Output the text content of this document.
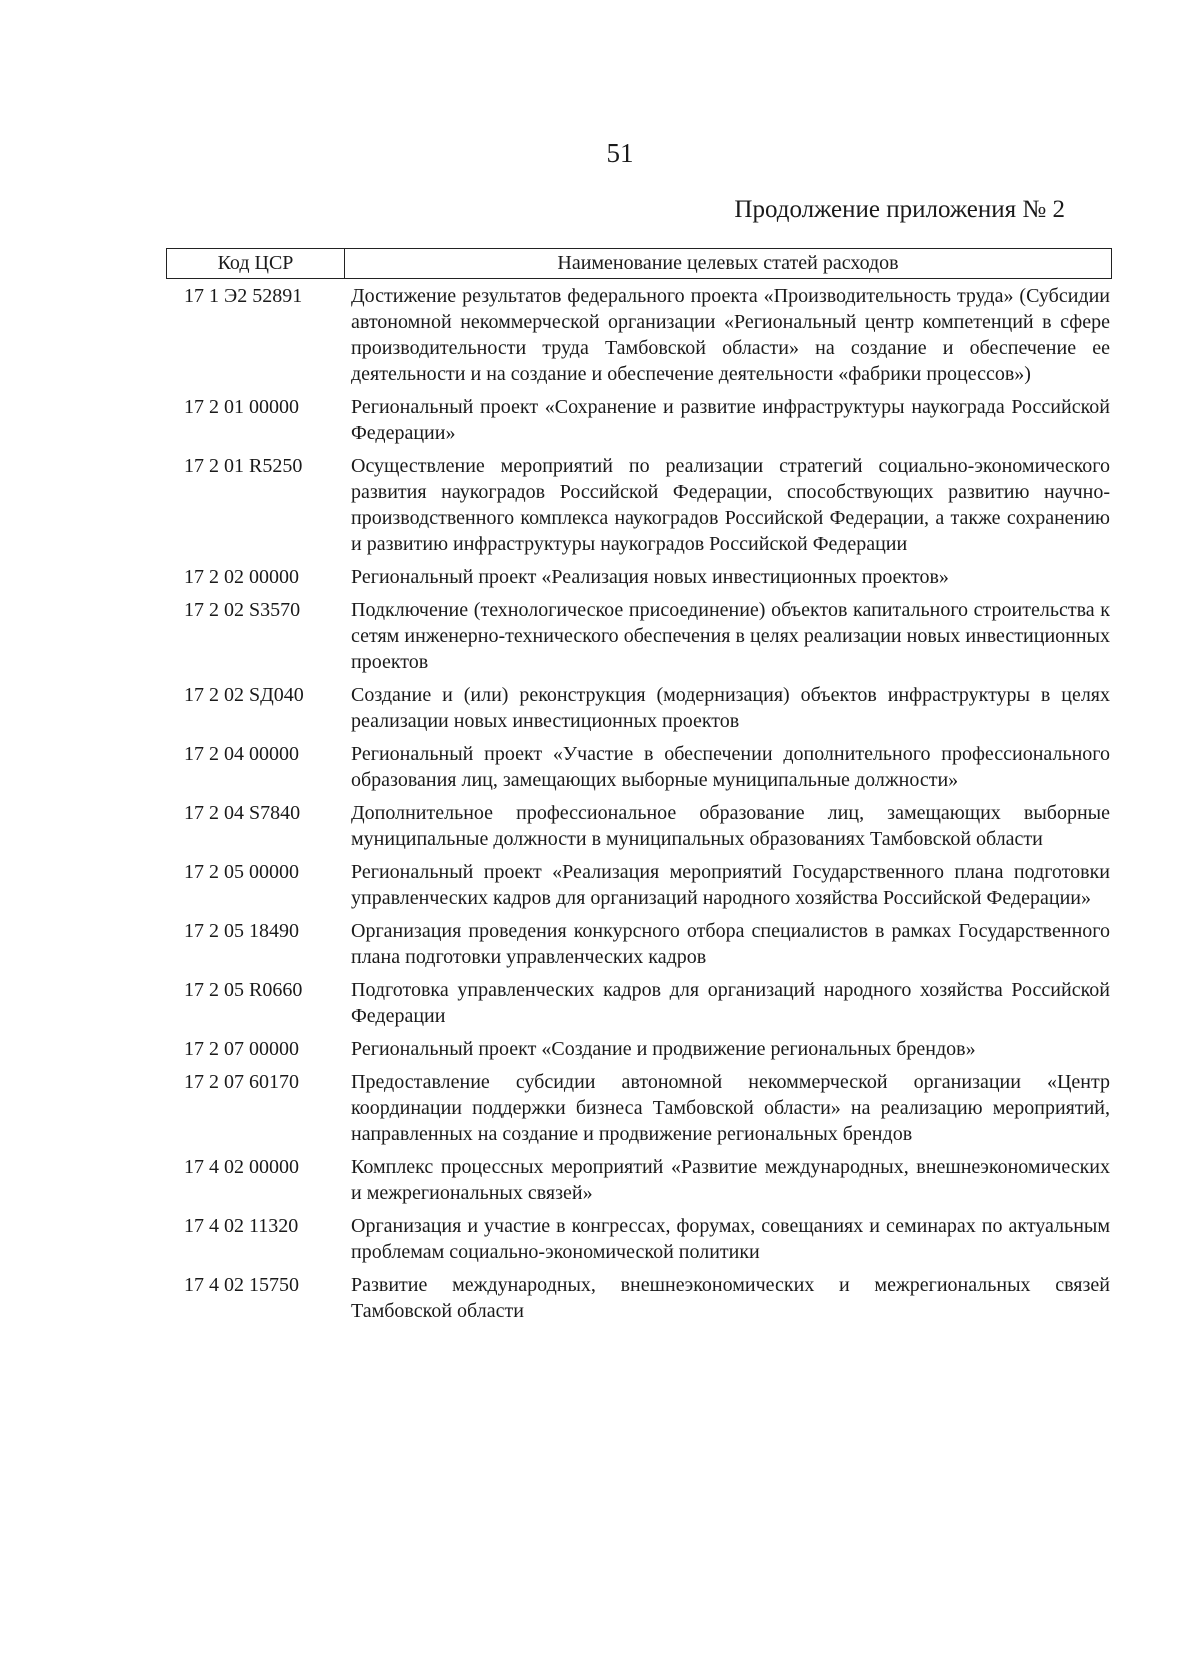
51
Продолжение приложения № 2
Код ЦСР	Наименование целевых статей расходов
17 1 Э2 52891	Достижение результатов федерального проекта «Производительность труда» (Субсидии автономной некоммерческой организации «Региональный центр компетенций в сфере производительности труда Тамбовской области» на создание и обеспечение ее деятельности и на создание и обеспечение деятельности «фабрики процессов»)
17 2 01 00000	Региональный проект «Сохранение и развитие инфраструктуры наукограда Российской Федерации»
17 2 01 R5250	Осуществление мероприятий по реализации стратегий социально-экономического развития наукоградов Российской Федерации, способствующих развитию научно-производственного комплекса наукоградов Российской Федерации, а также сохранению и развитию инфраструктуры наукоградов Российской Федерации
17 2 02 00000	Региональный проект «Реализация новых инвестиционных проектов»
17 2 02 S3570	Подключение (технологическое присоединение) объектов капитального строительства к сетям инженерно-технического обеспечения в целях реализации новых инвестиционных проектов
17 2 02 SД040	Создание и (или) реконструкция (модернизация) объектов инфраструктуры в целях реализации новых инвестиционных проектов
17 2 04 00000	Региональный проект «Участие в обеспечении дополнительного профессионального образования лиц, замещающих выборные муниципальные должности»
17 2 04 S7840	Дополнительное профессиональное образование лиц, замещающих выборные муниципальные должности в муниципальных образованиях Тамбовской области
17 2 05 00000	Региональный проект «Реализация мероприятий Государственного плана подготовки управленческих кадров для организаций народного хозяйства Российской Федерации»
17 2 05 18490	Организация проведения конкурсного отбора специалистов в рамках Государственного плана подготовки управленческих кадров
17 2 05 R0660	Подготовка управленческих кадров для организаций народного хозяйства Российской Федерации
17 2 07 00000	Региональный проект «Создание и продвижение региональных брендов»
17 2 07 60170	Предоставление субсидии автономной некоммерческой организации «Центр координации поддержки бизнеса Тамбовской области» на реализацию мероприятий, направленных на создание и продвижение региональных брендов
17 4 02 00000	Комплекс процессных мероприятий «Развитие международных, внешнеэкономических и межрегиональных связей»
17 4 02 11320	Организация и участие в конгрессах, форумах, совещаниях и семинарах по актуальным проблемам социально-экономической политики
17 4 02 15750	Развитие международных, внешнеэкономических и межрегиональных связей Тамбовской области
